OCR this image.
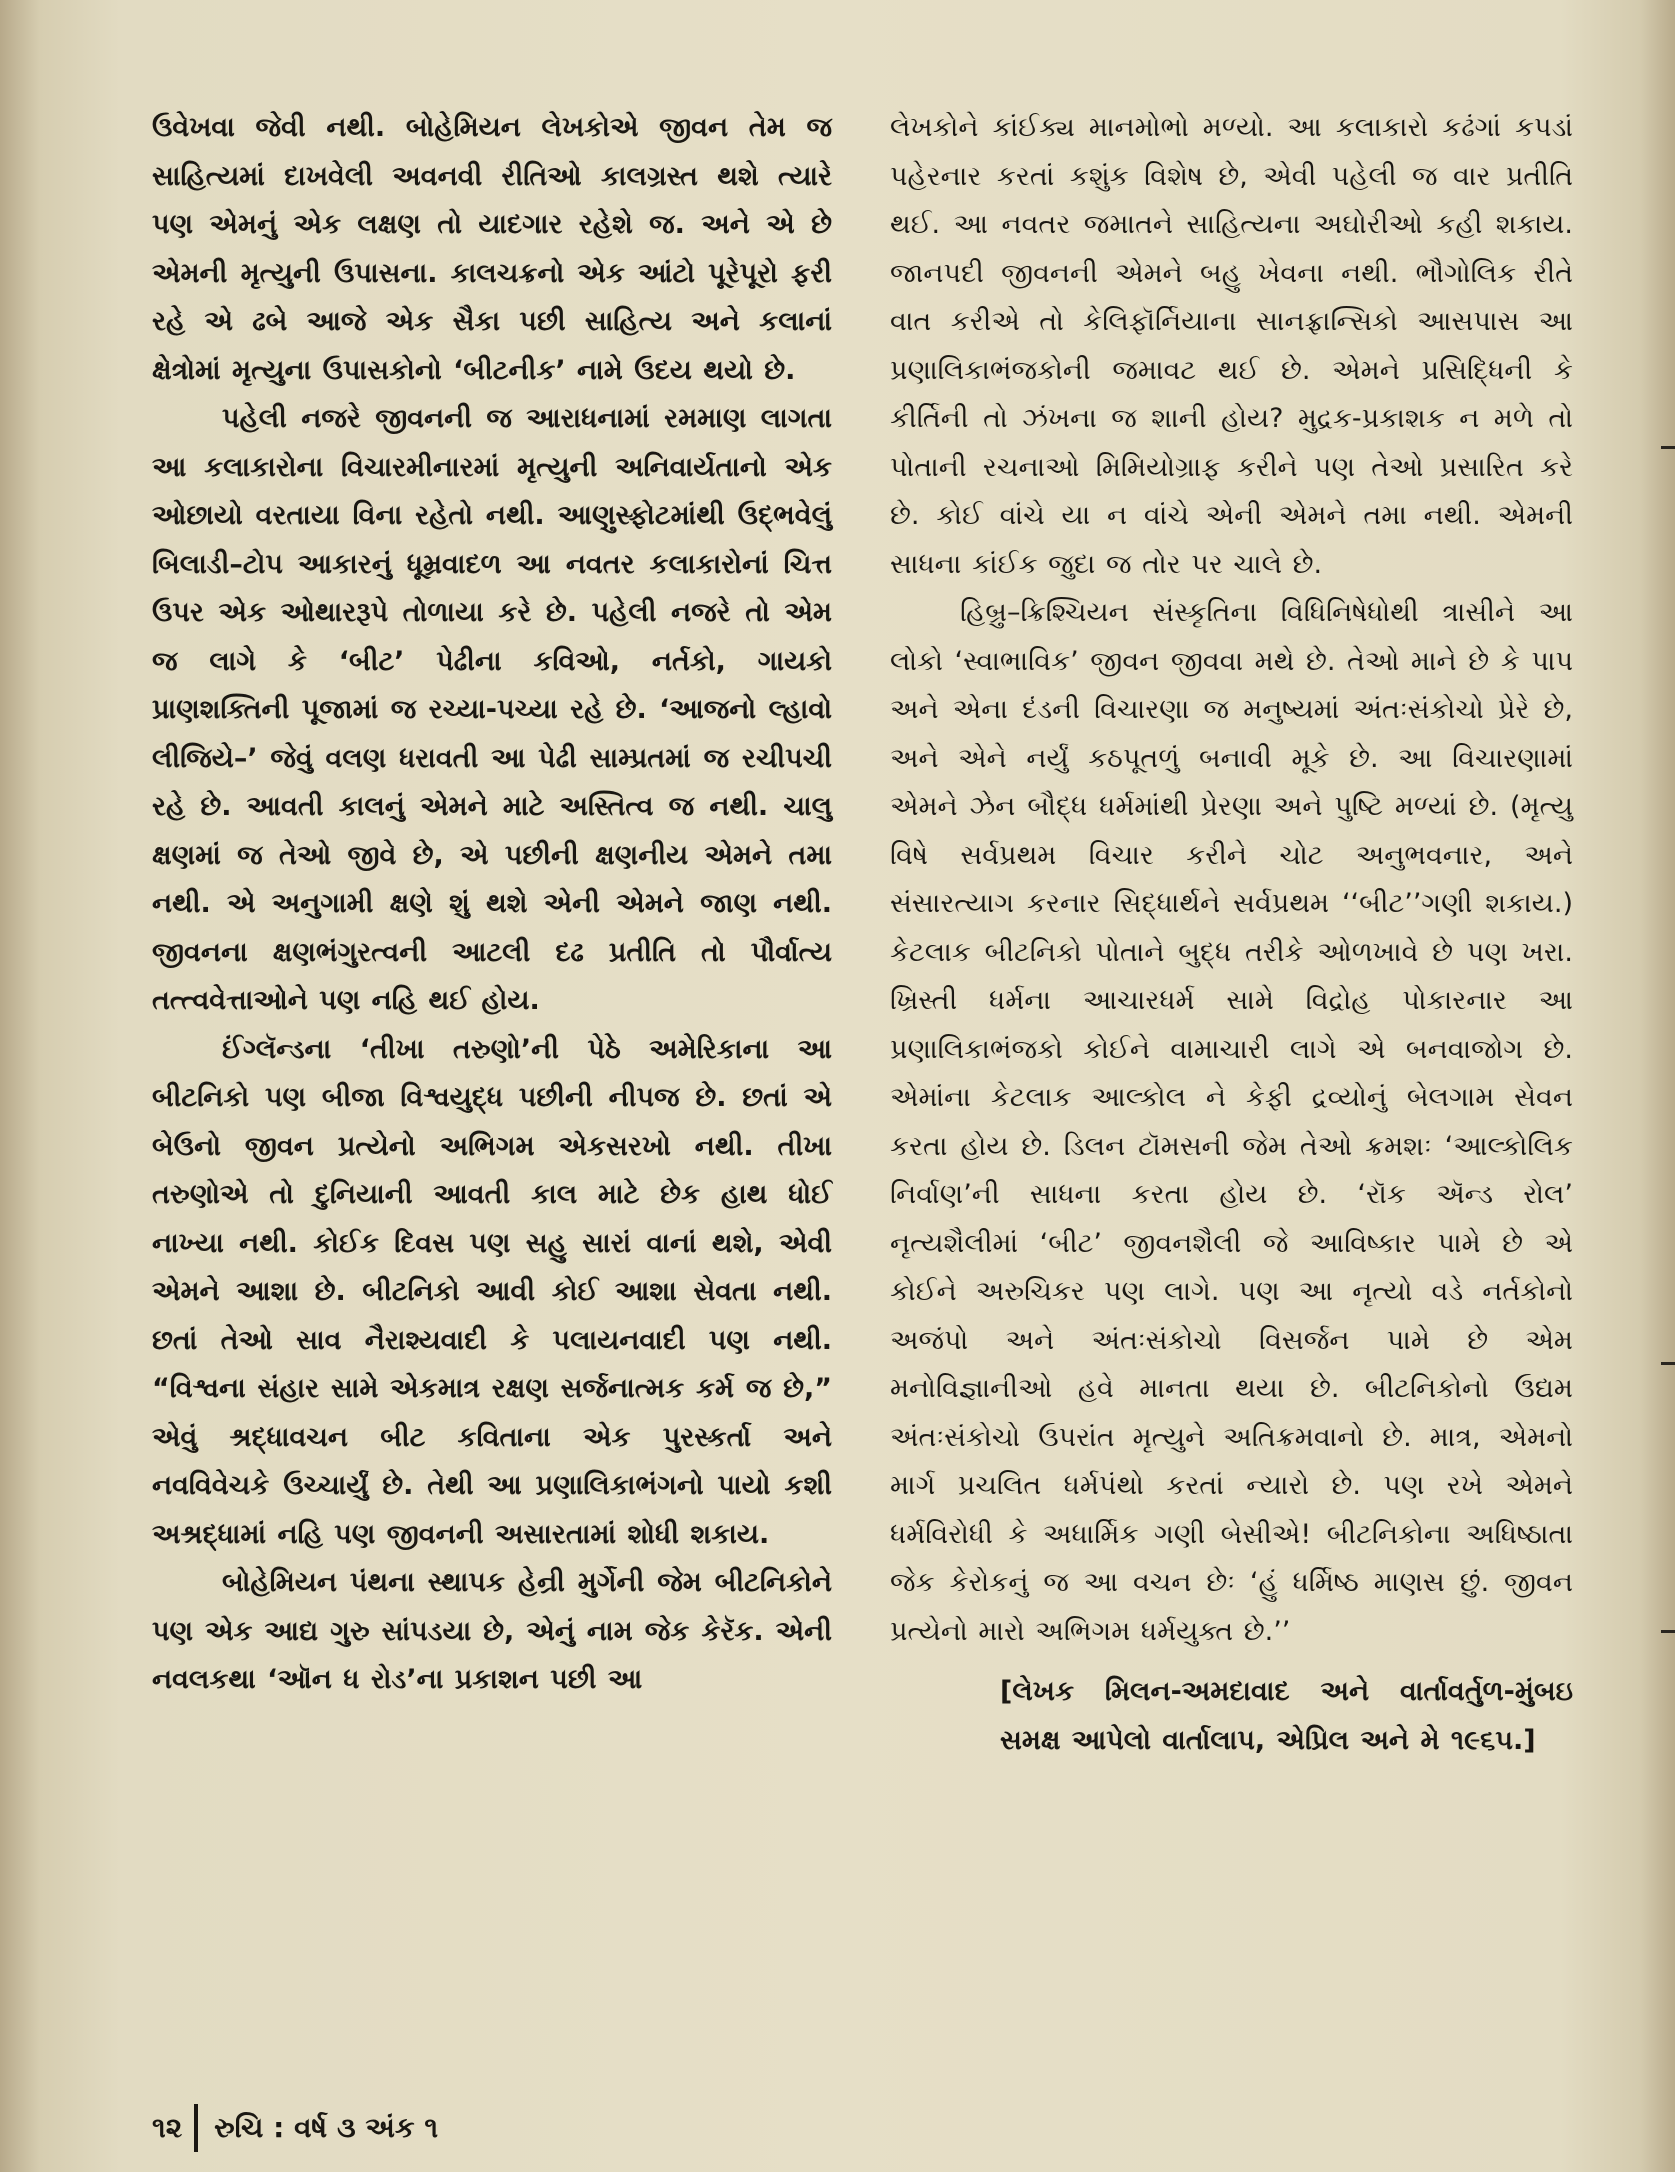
ઉવેખવા જેવી નથી. બોહેમિયન લેખકોએ જીવન તેમ જ સાહિત્યમાં દાખવેલી અવનવી રીતિઓ કાલગ્રસ્ત થશે ત્યારે પણ એમનું એક લક્ષણ તો યાદગાર રહેશે જ. અને એ છે એમની મૃત્યુની ઉપાસના. કાલચક્રનો એક આંટો પૂરેપૂરો ફરી રહે એ ઢબે આજે એક સૈકા પછી સાહિત્ય અને કલાનાં ક્ષેત્રોમાં મૃત્યુના ઉપાસકોનો ‘બીટનીક’ નામે ઉદય થયો છે.

પહેલી નજરે જીવનની જ આરાધનામાં રમમાણ લાગતા આ કલાકારોના વિચારમીનારમાં મૃત્યુની અનિવાર્યતાનો એક ઓછાયો વરતાયા વિના રહેતો નથી. આણુસ્ફોટમાંથી ઉદ્‌ભવેલું બિલાડી–ટોપ આકારનું ધૂમ્રવાદળ આ નવતર કલાકારોનાં ચિત્ત ઉપર એક ઓથારરૂપે તોળાયા કરે છે. પહેલી નજરે તો એમ જ લાગે કે ‘બીટ’ પેઢીના કવિઓ, નર્તકો, ગાયકો પ્રાણશક્તિની પૂજામાં જ રચ્યા-પચ્યા રહે છે. ‘આજનો લ્હાવો લીજિયે–’ જેવું વલણ ધરાવતી આ પેઢી સામ્પ્રતમાં જ રચીપચી રહે છે. આવતી કાલનું એમને માટે અસ્તિત્વ જ નથી. ચાલુ ક્ષણમાં જ તેઓ જીવે છે, એ પછીની ક્ષણનીય એમને તમા નથી. એ અનુગામી ક્ષણે શું થશે એની એમને જાણ નથી. જીવનના ક્ષણભંગુરત્વની આટલી દઢ પ્રતીતિ તો પૌર્વાત્ય તત્ત્વવેત્તાઓને પણ નહિ થઈ હોય.

ઈંગ્લૅન્ડના ‘તીખા તરુણો’ની પેઠે અમેરિકાના આ બીટનિકો પણ બીજા વિશ્વયુદ્ધ પછીની નીપજ છે. છતાં એ બેઉનો જીવન પ્રત્યેનો અભિગમ એકસરખો નથી. તીખા તરુણોએ તો દુનિયાની આવતી કાલ માટે છેક હાથ ધોઈ નાખ્યા નથી. કોઈક દિવસ પણ સહુ સારાં વાનાં થશે, એવી એમને આશા છે. બીટનિકો આવી કોઈ આશા સેવતા નથી. છતાં તેઓ સાવ નૈરાશ્યવાદી કે પલાયનવાદી પણ નથી. “વિશ્વના સંહાર સામે એકમાત્ર રક્ષણ સર્જનાત્મક કર્મ જ છે,” એવું શ્રદ્ધાવચન બીટ કવિતાના એક પુરસ્કર્તા અને નવવિવેચકે ઉચ્ચાર્યું છે. તેથી આ પ્રણાલિકાભંગનો પાયો કશી અશ્રદ્ધામાં નહિ પણ જીવનની અસારતામાં શોધી શકાય.

બોહેમિયન પંથના સ્થાપક હેન્રી મુર્ગેની જેમ બીટનિકોને પણ એક આદ્ય ગુરુ સાંપડયા છે, એનું નામ જેક કેરૅક. એની નવલકથા ‘ઑન ધ રોડ’ના પ્રકાશન પછી આ

લેખકોને કાંઈક્ય માનમોભો મળ્યો. આ કલાકારો કઢંગાં કપડાં પહેરનાર કરતાં કશુંક વિશેષ છે, એવી પહેલી જ વાર પ્રતીતિ થઈ. આ નવતર જમાતને સાહિત્યના અઘોરીઓ કહી શકાય. જાનપદી જીવનની એમને બહુ ખેવના નથી. ભૌગોલિક રીતે વાત કરીએ તો કેલિફૉર્નિયાના સાનફ્રાન્સિકો આસપાસ આ પ્રણાલિકાભંજકોની જમાવટ થઈ છે. એમને પ્રસિદ્ધિની કે કીર્તિની તો ઝંખના જ શાની હોય? મુદ્રક-પ્રકાશક ન મળે તો પોતાની રચનાઓ મિમિયોગ્રાફ કરીને પણ તેઓ પ્રસારિત કરે છે. કોઈ વાંચે યા ન વાંચે એની એમને તમા નથી. એમની સાધના કાંઈક જુદા જ તોર પર ચાલે છે.

હિબ્રુ–ક્રિશ્ચિયન સંસ્કૃતિના વિધિનિષેધોથી ત્રાસીને આ લોકો ‘સ્વાભાવિક’ જીવન જીવવા મથે છે. તેઓ માને છે કે પાપ અને એના દંડની વિચારણા જ મનુષ્યમાં અંતઃસંકોચો પ્રેરે છે, અને એને નર્યું કઠપૂતળું બનાવી મૂકે છે. આ વિચારણામાં એમને ઝેન બૌદ્ધ ધર્મમાંથી પ્રેરણા અને પુષ્ટિ મળ્યાં છે. (મૃત્યુ વિષે સર્વપ્રથમ વિચાર કરીને ચોટ અનુભવનાર, અને સંસારત્યાગ કરનાર સિદ્ધાર્થને સર્વપ્રથમ ‘‘બીટ’’ગણી શકાય.) કેટલાક બીટનિકો પોતાને બુદ્ધ તરીકે ઓળખાવે છે પણ ખરા. ખ્રિસ્તી ધર્મના આચારધર્મ સામે વિદ્રોહ પોકારનાર આ પ્રણાલિકાભંજકો કોઈને વામાચારી લાગે એ બનવાજોગ છે. એમાંના કેટલાક આલ્કોલ ને કેફી દ્રવ્યોનું બેલગામ સેવન કરતા હોય છે. ડિલન ટૉમસની જેમ તેઓ ક્રમશઃ ‘આલ્કોલિક નિર્વાણ’ની સાધના કરતા હોય છે. ‘રૉક ઍન્ડ રોલ’ નૃત્યશૈલીમાં ‘બીટ’ જીવનશૈલી જે આવિષ્કાર પામે છે એ કોઈને અરુચિકર પણ લાગે. પણ આ નૃત્યો વડે નર્તકોનો અજંપો અને અંતઃસંકોચો વિસર્જન પામે છે એમ મનોવિજ્ઞાનીઓ હવે માનતા થયા છે. બીટનિકોનો ઉદ્યમ અંતઃસંકોચો ઉપરાંત મૃત્યુને અતિક્રમવાનો છે. માત્ર, એમનો માર્ગ પ્રચલિત ધર્મપંથો કરતાં ન્યારો છે. પણ રખે એમને ધર્મવિરોધી કે અધાર્મિક ગણી બેસીએ! બીટનિકોના અધિષ્ઠાતા જેક કેરોકનું જ આ વચન છેઃ ‘હું ધર્મિષ્ઠ માણસ છું. જીવન પ્રત્યેનો મારો અભિગમ ધર્મયુક્ત છે.’’

[લેખક મિલન-અમદાવાદ અને વાર્તાવર્તુળ-મુંબઇ સમક્ષ આપેલો વાર્તાલાપ, એપ્રિલ અને મે ૧૯૬૫.]

૧૨ રુચિ : વર્ષ ૩ અંક ૧
